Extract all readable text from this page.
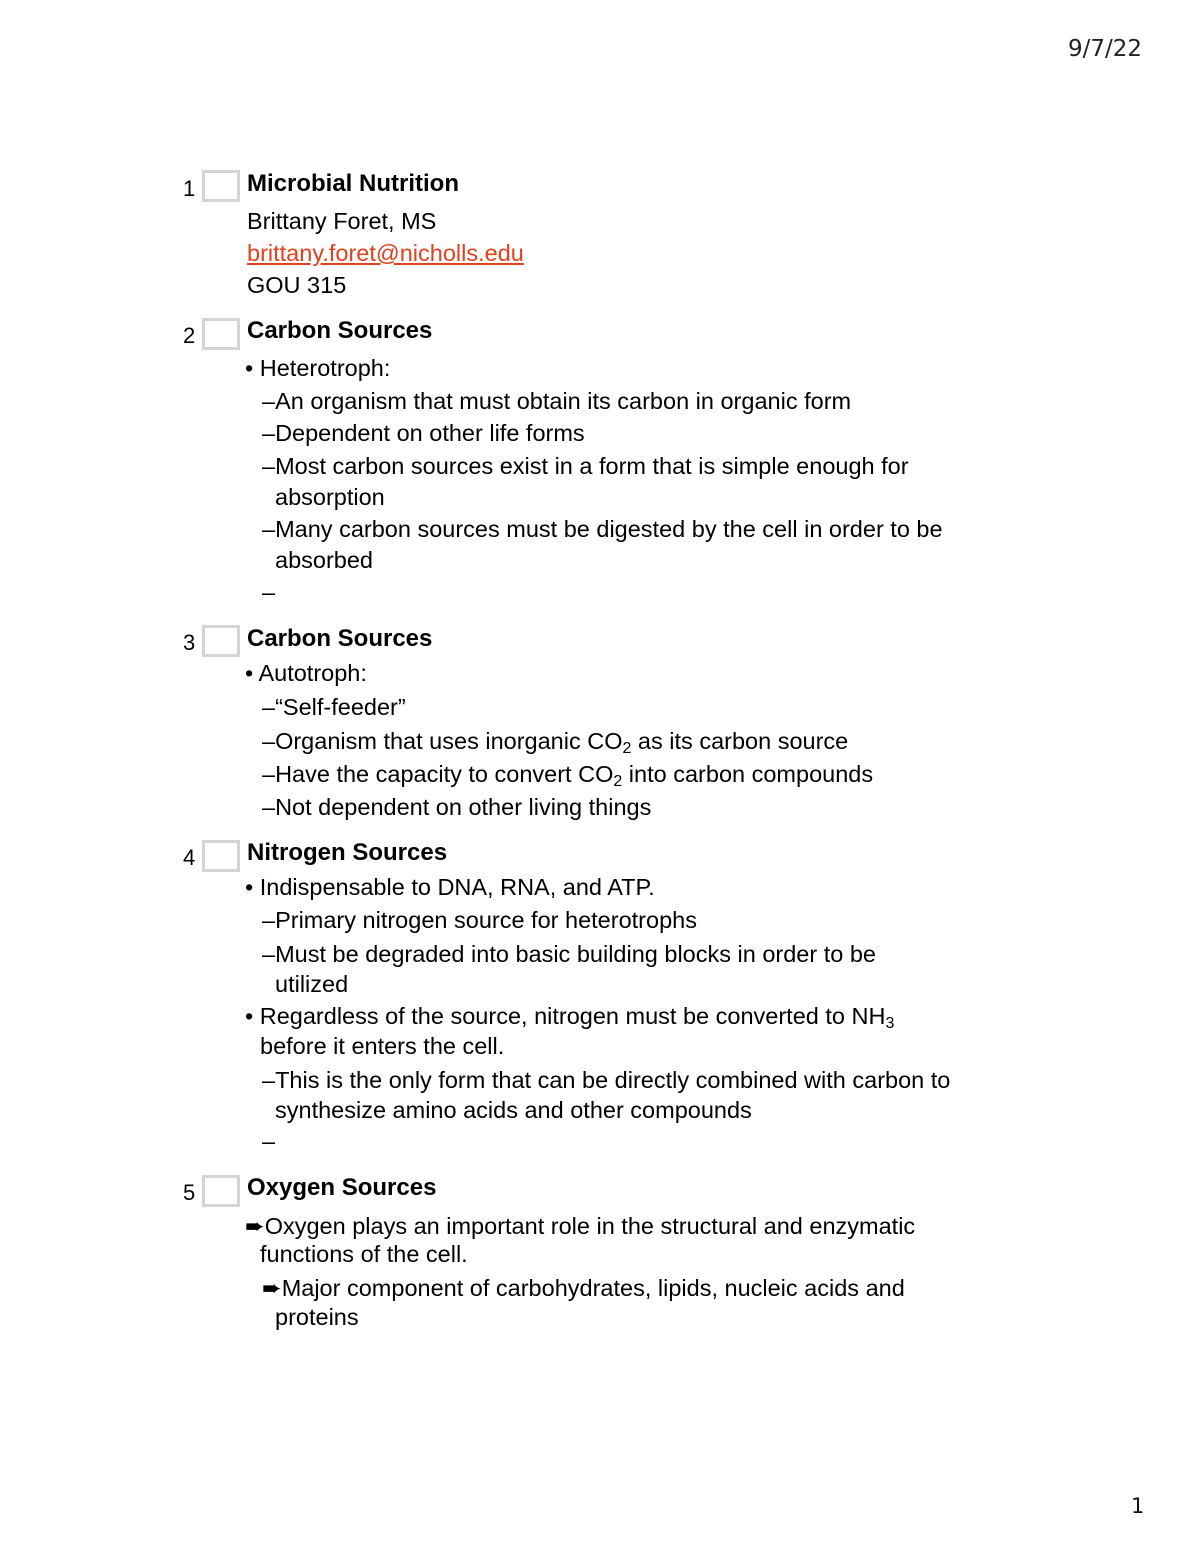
9/7/22
1
1 Microbial Nutrition
Brittany Foret, MS
brittany.foret@nicholls.edu
GOU 315
2 Carbon Sources
• Heterotroph:
–An organism that must obtain its carbon in organic form
–Dependent on other life forms
–Most carbon sources exist in a form that is simple enough for
absorption
–Many carbon sources must be digested by the cell in order to be
absorbed
–
3 Carbon Sources
• Autotroph:
–“Self-feeder”
–Organism that uses inorganic $CO_2$ as its carbon source
–Have the capacity to convert $CO_2$ into carbon compounds
–Not dependent on other living things
4 Nitrogen Sources
• Indispensable to DNA, RNA, and ATP.
–Primary nitrogen source for heterotrophs
–Must be degraded into basic building blocks in order to be
utilized
• Regardless of the source, nitrogen must be converted to $NH_3$
before it enters the cell.
–This is the only form that can be directly combined with carbon to
synthesize amino acids and other compounds
–
5 Oxygen Sources
➨Oxygen plays an important role in the structural and enzymatic
functions of the cell.
➨Major component of carbohydrates, lipids, nucleic acids and
proteins
